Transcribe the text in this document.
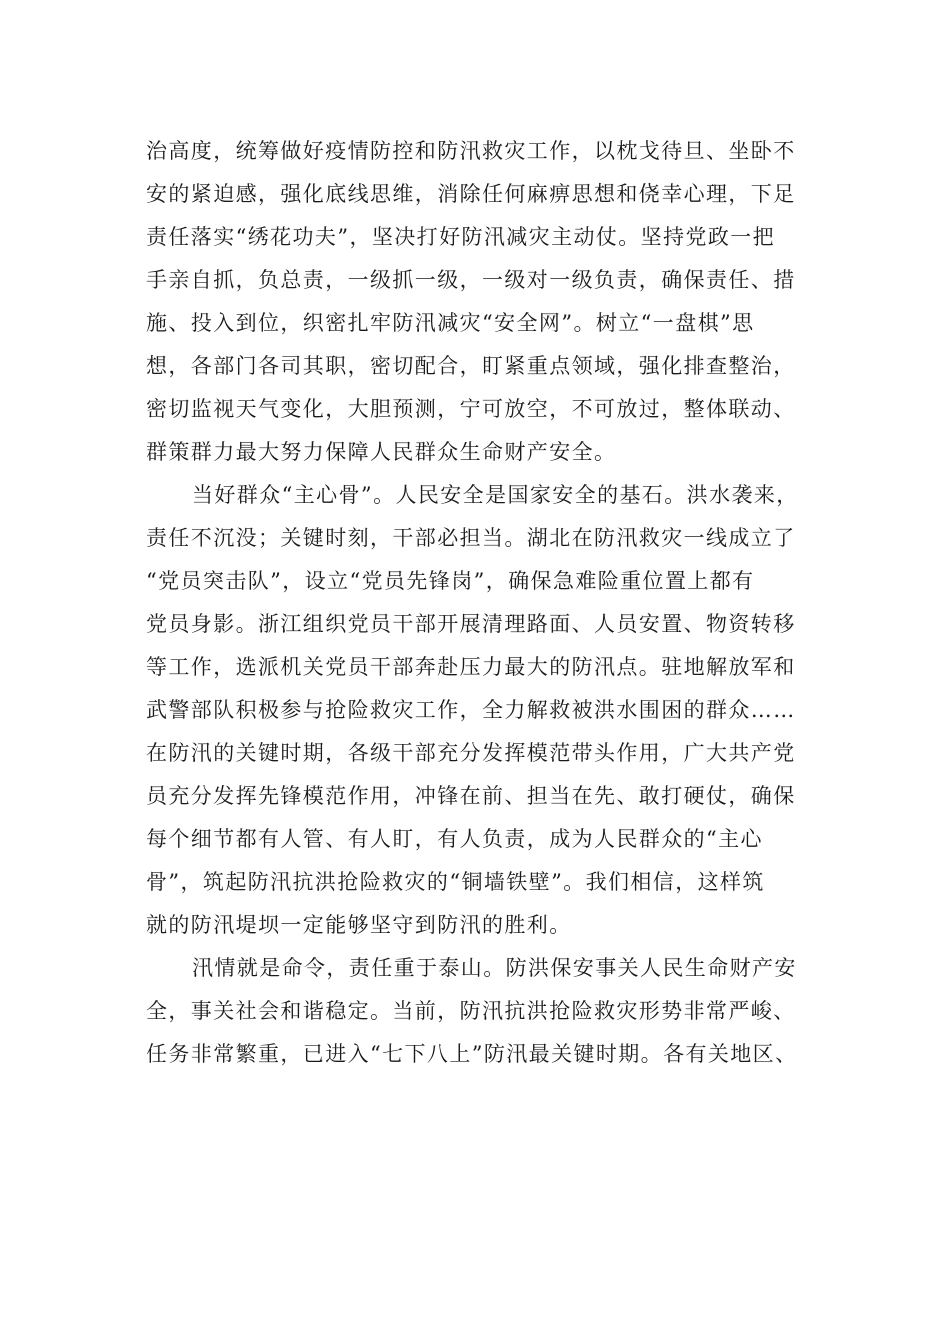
治高度，统筹做好疫情防控和防汛救灾工作，以枕戈待旦、坐卧不
安的紧迫感，强化底线思维，消除任何麻痹思想和侥幸心理，下足
责任落实“绣花功夫”，坚决打好防汛减灾主动仗。坚持党政一把
手亲自抓，负总责，一级抓一级，一级对一级负责，确保责任、措
施、投入到位，织密扎牢防汛减灾“安全网”。树立“一盘棋”思
想，各部门各司其职，密切配合，盯紧重点领域，强化排查整治，
密切监视天气变化，大胆预测，宁可放空，不可放过，整体联动、
群策群力最大努力保障人民群众生命财产安全。
当好群众“主心骨”。人民安全是国家安全的基石。洪水袭来，
责任不沉没；关键时刻，干部必担当。湖北在防汛救灾一线成立了
“党员突击队”，设立“党员先锋岗”，确保急难险重位置上都有
党员身影。浙江组织党员干部开展清理路面、人员安置、物资转移
等工作，选派机关党员干部奔赴压力最大的防汛点。驻地解放军和
武警部队积极参与抢险救灾工作，全力解救被洪水围困的群众……
在防汛的关键时期，各级干部充分发挥模范带头作用，广大共产党
员充分发挥先锋模范作用，冲锋在前、担当在先、敢打硬仗，确保
每个细节都有人管、有人盯，有人负责，成为人民群众的“主心
骨”，筑起防汛抗洪抢险救灾的“铜墙铁壁”。我们相信，这样筑
就的防汛堤坝一定能够坚守到防汛的胜利。
汛情就是命令，责任重于泰山。防洪保安事关人民生命财产安
全，事关社会和谐稳定。当前，防汛抗洪抢险救灾形势非常严峻、
任务非常繁重，已进入“七下八上”防汛最关键时期。各有关地区、
